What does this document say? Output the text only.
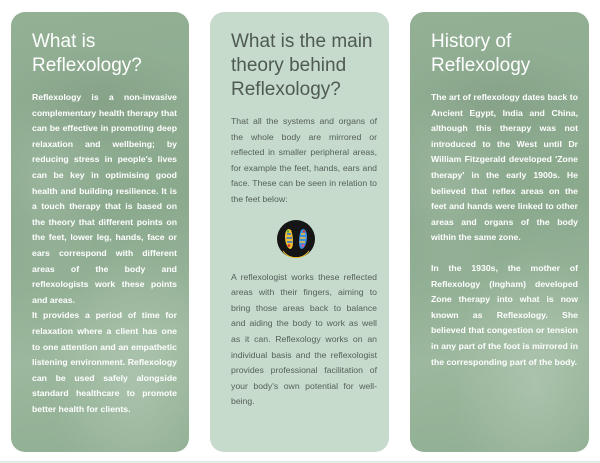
What is Reflexology?

Reflexology is a non-invasive complementary health therapy that can be effective in promoting deep relaxation and wellbeing; by reducing stress in people's lives can be key in optimising good health and building resilience. It is a touch therapy that is based on the theory that different points on the feet, lower leg, hands, face or ears correspond with different areas of the body and reflexologists work these points and areas.

It provides a period of time for relaxation where a client has one to one attention and an empathetic listening environment. Reflexology can be used safely alongside standard healthcare to promote better health for clients.

What is the main theory behind Reflexology?

That all the systems and organs of the whole body are mirrored or reflected in smaller peripheral areas, for example the feet, hands, ears and face. These can be seen in relation to the feet below:

A reflexologist works these reflected areas with their fingers, aiming to bring those areas back to balance and aiding the body to work as well as it can. Reflexology works on an individual basis and the reflexologist provides professional facilitation of your body's own potential for well-being.

History of Reflexology

The art of reflexology dates back to Ancient Egypt, India and China, although this therapy was not introduced to the West until Dr William Fitzgerald developed 'Zone therapy' in the early 1900s. He believed that reflex areas on the feet and hands were linked to other areas and organs of the body within the same zone.

In the 1930s, the mother of Reflexology (Ingham) developed Zone therapy into what is now known as Reflexology. She believed that congestion or tension in any part of the foot is mirrored in the corresponding part of the body.
